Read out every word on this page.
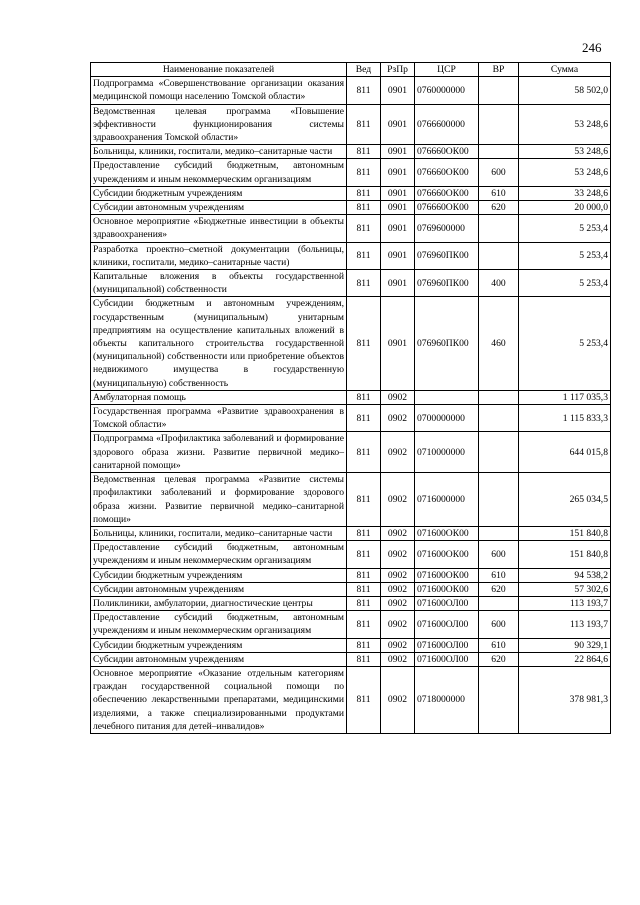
246
Наименование показателей	Вед	РзПр	ЦСР	ВР	Сумма
Подпрограмма «Совершенствование организации оказания медицинской помощи населению Томской области»	811	0901	0760000000		58 502,0
Ведомственная целевая программа «Повышение эффективности функционирования системы здравоохранения Томской области»	811	0901	0766600000		53 248,6
Больницы, клиники, госпитали, медико–санитарные части	811	0901	076660ОК00		53 248,6
Предоставление субсидий бюджетным, автономным учреждениям и иным некоммерческим организациям	811	0901	076660ОК00	600	53 248,6
Субсидии бюджетным учреждениям	811	0901	076660ОК00	610	33 248,6
Субсидии автономным учреждениям	811	0901	076660ОК00	620	20 000,0
Основное мероприятие «Бюджетные инвестиции в объекты здравоохранения»	811	0901	0769600000		5 253,4
Разработка проектно–сметной документации (больницы, клиники, госпитали, медико–санитарные части)	811	0901	076960ПК00		5 253,4
Капитальные вложения в объекты государственной (муниципальной) собственности	811	0901	076960ПК00	400	5 253,4
Субсидии бюджетным и автономным учреждениям, государственным (муниципальным) унитарным предприятиям на осуществление капитальных вложений в объекты капитального строительства государственной (муниципальной) собственности или приобретение объектов недвижимого имущества в государственную (муниципальную) собственность	811	0901	076960ПК00	460	5 253,4
Амбулаторная помощь	811	0902			1 117 035,3
Государственная программа «Развитие здравоохранения в Томской области»	811	0902	0700000000		1 115 833,3
Подпрограмма «Профилактика заболеваний и формирование здорового образа жизни. Развитие первичной медико–санитарной помощи»	811	0902	0710000000		644 015,8
Ведомственная целевая программа «Развитие системы профилактики заболеваний и формирование здорового образа жизни. Развитие первичной медико–санитарной помощи»	811	0902	0716000000		265 034,5
Больницы, клиники, госпитали, медико–санитарные части	811	0902	071600ОК00		151 840,8
Предоставление субсидий бюджетным, автономным учреждениям и иным некоммерческим организациям	811	0902	071600ОК00	600	151 840,8
Субсидии бюджетным учреждениям	811	0902	071600ОК00	610	94 538,2
Субсидии автономным учреждениям	811	0902	071600ОК00	620	57 302,6
Поликлиники, амбулатории, диагностические центры	811	0902	071600ОЛ00		113 193,7
Предоставление субсидий бюджетным, автономным учреждениям и иным некоммерческим организациям	811	0902	071600ОЛ00	600	113 193,7
Субсидии бюджетным учреждениям	811	0902	071600ОЛ00	610	90 329,1
Субсидии автономным учреждениям	811	0902	071600ОЛ00	620	22 864,6
Основное мероприятие «Оказание отдельным категориям граждан государственной социальной помощи по обеспечению лекарственными препаратами, медицинскими изделиями, а также специализированными продуктами лечебного питания для детей–инвалидов»	811	0902	0718000000		378 981,3
